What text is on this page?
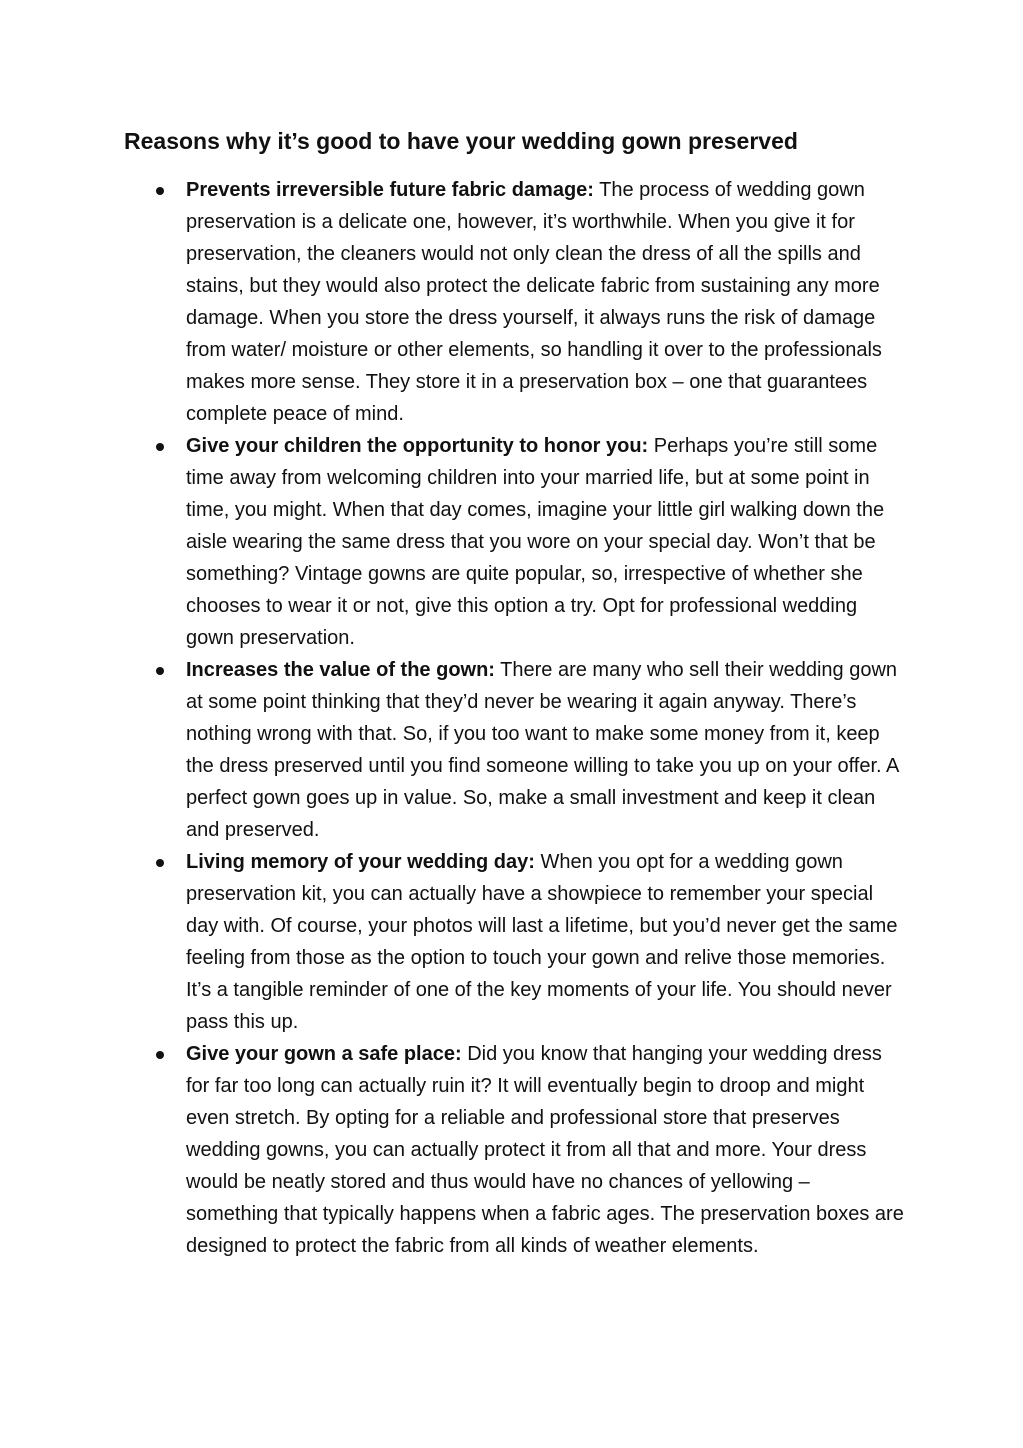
Reasons why it’s good to have your wedding gown preserved
Prevents irreversible future fabric damage: The process of wedding gown preservation is a delicate one, however, it’s worthwhile. When you give it for preservation, the cleaners would not only clean the dress of all the spills and stains, but they would also protect the delicate fabric from sustaining any more damage. When you store the dress yourself, it always runs the risk of damage from water/ moisture or other elements, so handling it over to the professionals makes more sense. They store it in a preservation box – one that guarantees complete peace of mind.
Give your children the opportunity to honor you: Perhaps you’re still some time away from welcoming children into your married life, but at some point in time, you might. When that day comes, imagine your little girl walking down the aisle wearing the same dress that you wore on your special day. Won’t that be something? Vintage gowns are quite popular, so, irrespective of whether she chooses to wear it or not, give this option a try. Opt for professional wedding gown preservation.
Increases the value of the gown: There are many who sell their wedding gown at some point thinking that they’d never be wearing it again anyway. There’s nothing wrong with that. So, if you too want to make some money from it, keep the dress preserved until you find someone willing to take you up on your offer. A perfect gown goes up in value. So, make a small investment and keep it clean and preserved.
Living memory of your wedding day: When you opt for a wedding gown preservation kit, you can actually have a showpiece to remember your special day with. Of course, your photos will last a lifetime, but you’d never get the same feeling from those as the option to touch your gown and relive those memories. It’s a tangible reminder of one of the key moments of your life. You should never pass this up.
Give your gown a safe place: Did you know that hanging your wedding dress for far too long can actually ruin it? It will eventually begin to droop and might even stretch. By opting for a reliable and professional store that preserves wedding gowns, you can actually protect it from all that and more. Your dress would be neatly stored and thus would have no chances of yellowing – something that typically happens when a fabric ages. The preservation boxes are designed to protect the fabric from all kinds of weather elements.
